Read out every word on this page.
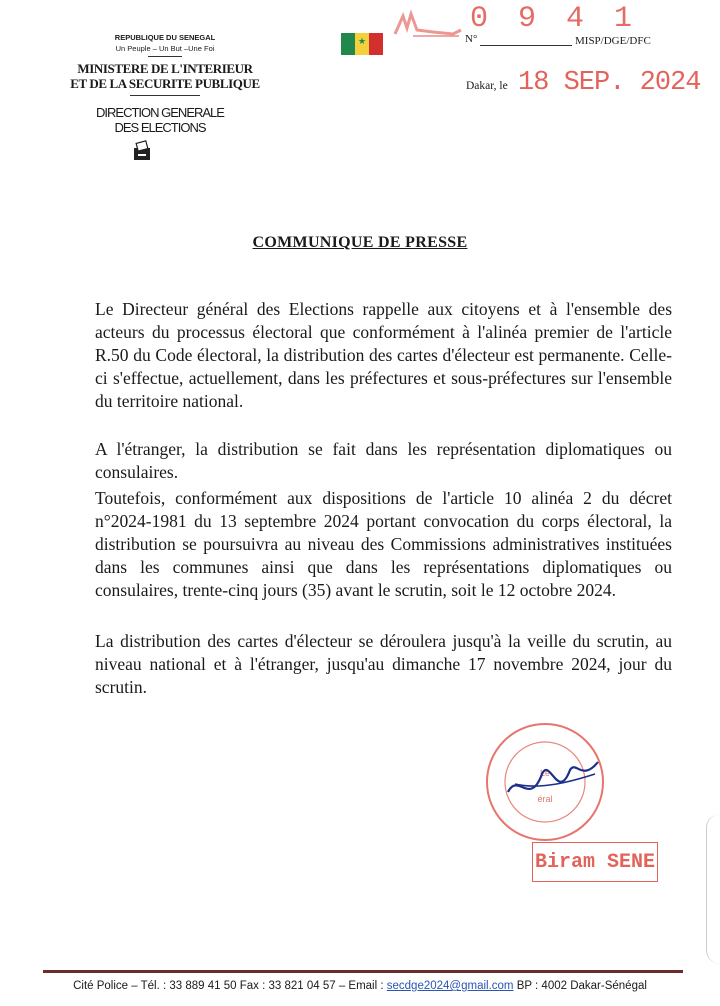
REPUBLIQUE DU SENEGAL
Un Peuple – Un But –Une Foi
MINISTERE DE L'INTERIEUR
ET DE LA SECURITE PUBLIQUE
DIRECTION GENERALE
DES ELECTIONS
★
0 9 4 1
N°	MISP/DGE/DFC
Dakar, le 18 SEP. 2024
COMMUNIQUE DE PRESSE
Le Directeur général des Elections rappelle aux citoyens et à l'ensemble des acteurs du processus électoral que conformément à l'alinéa premier de l'article R.50 du Code électoral, la distribution des cartes d'électeur est permanente. Celle-ci s'effectue, actuellement, dans les préfectures et sous-préfectures sur l'ensemble du territoire national.
A l'étranger, la distribution se fait dans les représentation diplomatiques ou consulaires.
Toutefois, conformément aux dispositions de l'article 10 alinéa 2 du décret n°2024-1981 du 13 septembre 2024 portant convocation du corps électoral, la distribution se poursuivra au niveau des Commissions administratives instituées dans les communes ainsi que dans les représentations diplomatiques ou consulaires, trente-cinq jours (35) avant le scrutin, soit le 12 octobre 2024.
La distribution des cartes d'électeur se déroulera jusqu'à la veille du scrutin, au niveau national et à l'étranger, jusqu'au dimanche 17 novembre 2024, jour du scrutin.
Le
éral
Biram SENE
Cité Police – Tél. : 33 889 41 50 Fax : 33 821 04 57 – Email : secdge2024@gmail.com BP : 4002 Dakar-Sénégal
